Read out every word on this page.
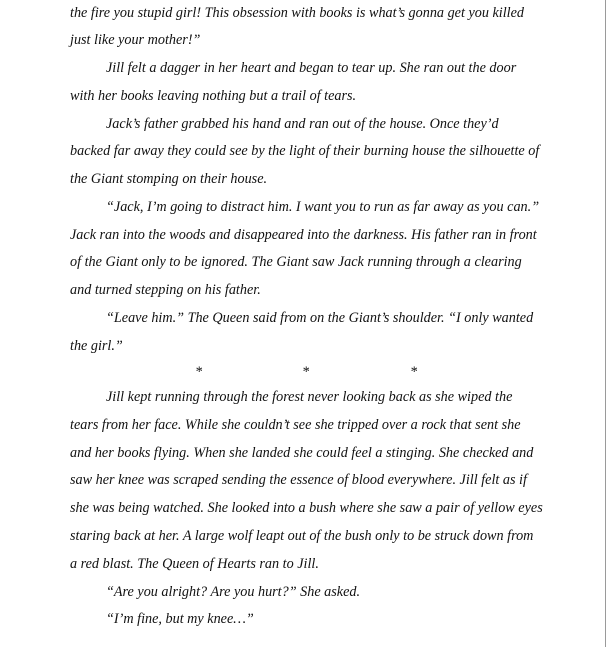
the fire you stupid girl! This obsession with books is what’s gonna get you killed
just like your mother!”
Jill felt a dagger in her heart and began to tear up. She ran out the door
with her books leaving nothing but a trail of tears.
Jack’s father grabbed his hand and ran out of the house. Once they’d
backed far away they could see by the light of their burning house the silhouette of
the Giant stomping on their house.
“Jack, I’m going to distract him. I want you to run as far away as you can.”
Jack ran into the woods and disappeared into the darkness. His father ran in front
of the Giant only to be ignored. The Giant saw Jack running through a clearing
and turned stepping on his father.
“Leave him.” The Queen said from on the Giant’s shoulder. “I only wanted
the girl.”
*	*	*
Jill kept running through the forest never looking back as she wiped the
tears from her face. While she couldn’t see she tripped over a rock that sent she
and her books flying. When she landed she could feel a stinging. She checked and
saw her knee was scraped sending the essence of blood everywhere. Jill felt as if
she was being watched. She looked into a bush where she saw a pair of yellow eyes
staring back at her. A large wolf leapt out of the bush only to be struck down from
a red blast. The Queen of Hearts ran to Jill.
“Are you alright? Are you hurt?” She asked.
“I’m fine, but my knee…”
